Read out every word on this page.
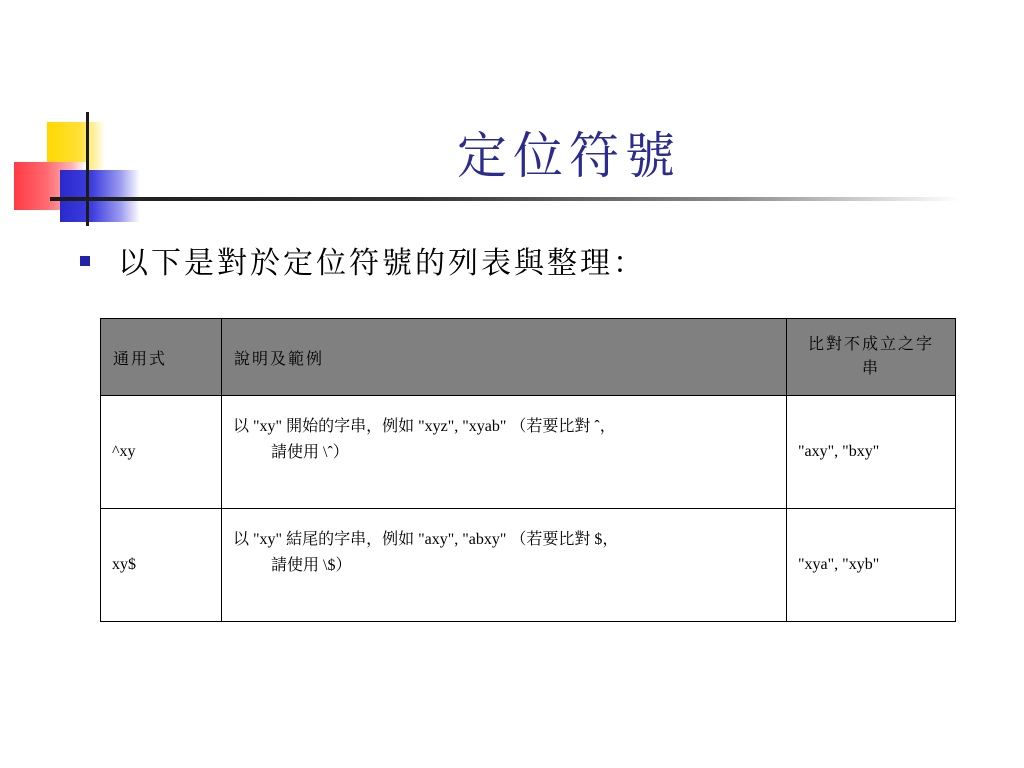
定位符號
以下是對於定位符號的列表與整理：
通用式	說明及範例	比對不成立之字串
^xy	以 "xy" 開始的字串，例如 "xyz", "xyab" （若要比對 ˆ，
請使用 \ˆ）	"axy", "bxy"
xy$	以 "xy" 結尾的字串，例如 "axy", "abxy" （若要比對 $，
請使用 \$）	"xya", "xyb"
